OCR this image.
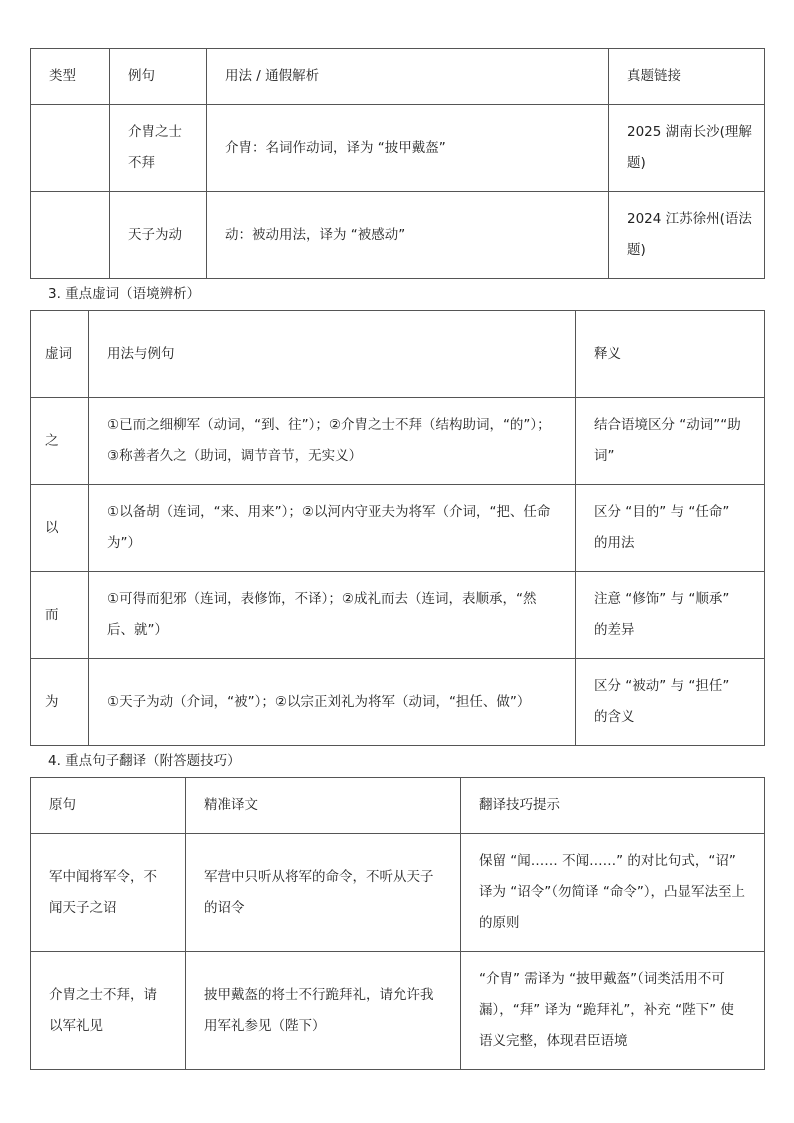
类型	例句	用法 / 通假解析	真题链接
	介胄之士不拜	介胄：名词作动词，译为 “披甲戴盔”	2025 湖南长沙(理解题)
	天子为动	动：被动用法，译为 “被感动”	2024 江苏徐州(语法题)
3. 重点虚词（语境辨析）
虚词	用法与例句	释义
之	①已而之细柳军（动词，“到、往”）；②介胄之士不拜（结构助词，“的”）；③称善者久之（助词，调节音节，无实义）	结合语境区分 “动词”“助词”
以	①以备胡（连词，“来、用来”）；②以河内守亚夫为将军（介词，“把、任命为”）	区分 “目的” 与 “任命” 的用法
而	①可得而犯邪（连词，表修饰，不译）；②成礼而去（连词，表顺承，“然后、就”）	注意 “修饰” 与 “顺承” 的差异
为	①天子为动（介词，“被”）；②以宗正刘礼为将军（动词，“担任、做”）	区分 “被动” 与 “担任” 的含义
4. 重点句子翻译（附答题技巧）
原句	精准译文	翻译技巧提示
军中闻将军令，不闻天子之诏	军营中只听从将军的命令，不听从天子的诏令	保留 “闻…… 不闻……” 的对比句式，“诏” 译为 “诏令”（勿简译 “命令”），凸显军法至上的原则
介胄之士不拜，请以军礼见	披甲戴盔的将士不行跪拜礼，请允许我用军礼参见（陛下）	“介胄” 需译为 “披甲戴盔”（词类活用不可漏），“拜” 译为 “跪拜礼”，补充 “陛下” 使语义完整，体现君臣语境
